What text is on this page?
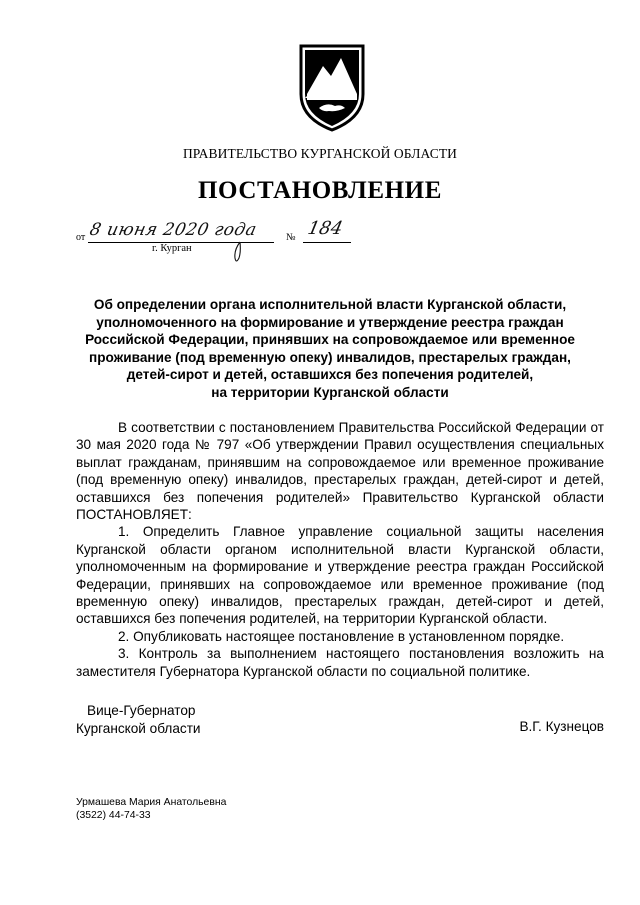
ПРАВИТЕЛЬСТВО КУРГАНСКОЙ ОБЛАСТИ
ПОСТАНОВЛЕНИЕ
от 8 июня 2020 года	№ 184
г. Курган
Об определении органа исполнительной власти Курганской области,
уполномоченного на формирование и утверждение реестра граждан
Российской Федерации, принявших на сопровождаемое или временное
проживание (под временную опеку) инвалидов, престарелых граждан,
детей-сирот и детей, оставшихся без попечения родителей,
на территории Курганской области

В соответствии с постановлением Правительства Российской Федерации от 30 мая 2020 года № 797 «Об утверждении Правил осуществления специальных выплат гражданам, принявшим на сопровождаемое или временное проживание (под временную опеку) инвалидов, престарелых граждан, детей-сирот и детей, оставшихся без попечения родителей» Правительство Курганской области ПОСТАНОВЛЯЕТ:

1. Определить Главное управление социальной защиты населения Курганской области органом исполнительной власти Курганской области, уполномоченным на формирование и утверждение реестра граждан Российской Федерации, принявших на сопровождаемое или временное проживание (под временную опеку) инвалидов, престарелых граждан, детей-сирот и детей, оставшихся без попечения родителей, на территории Курганской области.

2. Опубликовать настоящее постановление в установленном порядке.

3. Контроль за выполнением настоящего постановления возложить на заместителя Губернатора Курганской области по социальной политике.

Вице-Губернатор
Курганской области	В.Г. Кузнецов
Урмашева Мария Анатольевна
(3522) 44-74-33
